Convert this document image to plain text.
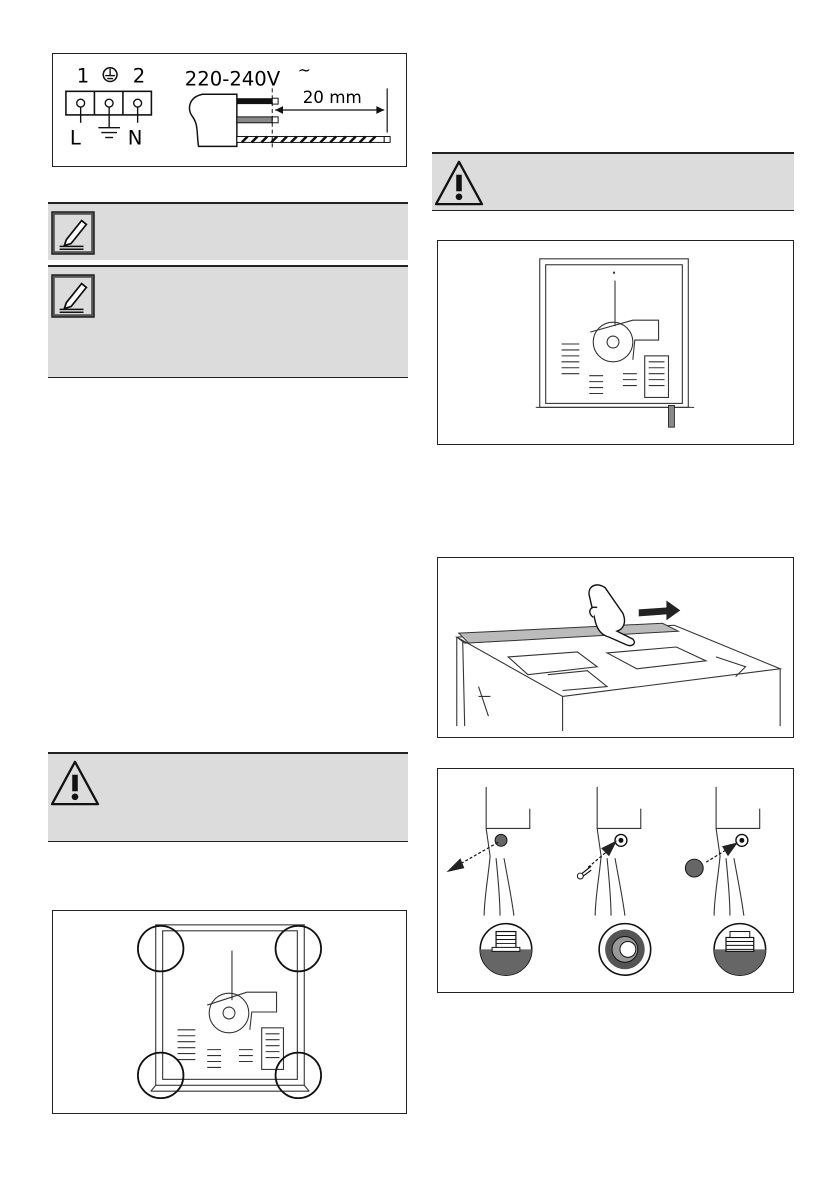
1 2
L N
220-240V ~
20 mm
